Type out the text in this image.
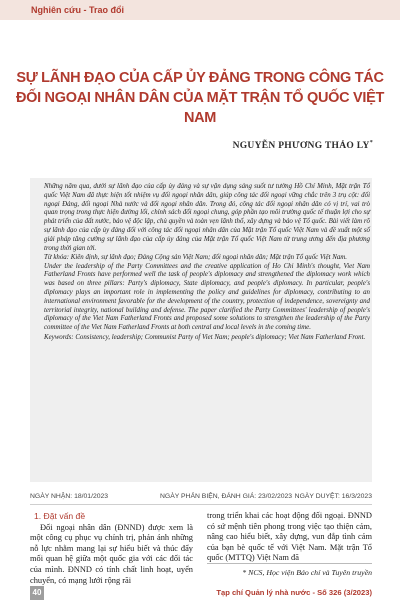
Nghiên cứu - Trao đổi
SỰ LÃNH ĐẠO CỦA CẤP ỦY ĐẢNG TRONG CÔNG TÁC
ĐỐI NGOẠI NHÂN DÂN CỦA MẶT TRẬN TỔ QUỐC VIỆT NAM
NGUYỄN PHƯƠNG THẢO LY*

Những năm qua, dưới sự lãnh đạo của cấp ủy đảng và sự vận dụng sáng suốt tư tưởng Hồ Chí Minh, Mặt trận Tổ quốc Việt Nam đã thực hiện tốt nhiệm vụ đối ngoại nhân dân, giúp công tác đối ngoại vững chắc trên 3 trụ cột: đối ngoại Đảng, đối ngoại Nhà nước và đối ngoại nhân dân. Trong đó, công tác đối ngoại nhân dân có vị trí, vai trò quan trọng trong thực hiện đường lối, chính sách đối ngoại chung, góp phần tạo môi trường quốc tế thuận lợi cho sự phát triển của đất nước, bảo vệ độc lập, chủ quyền và toàn vẹn lãnh thổ, xây dựng và bảo vệ Tổ quốc. Bài viết làm rõ sự lãnh đạo của cấp ủy đảng đối với công tác đối ngoại nhân dân của Mặt trận Tổ quốc Việt Nam và đề xuất một số giải pháp tăng cường sự lãnh đạo của cấp ủy đảng của Mặt trận Tổ quốc Việt Nam từ trung ương đến địa phương trong thời gian tới.

Từ khóa: Kiên định, sự lãnh đạo; Đảng Cộng sản Việt Nam; đối ngoại nhân dân; Mặt trận Tổ quốc Việt Nam.

Under the leadership of the Party Committees and the creative application of Ho Chi Minh's thought, Viet Nam Fatherland Fronts have performed well the task of people's diplomacy and strengthened the diplomacy work which was based on three pillars: Party's diplomacy, State diplomacy, and people's diplomacy. In particular, people's diplomacy plays an important role in implementing the policy and guidelines for diplomacy, contributing to an international environment favorable for the development of the country, protection of independence, sovereignty and territorial integrity, national building and defense. The paper clarified the Party Committees' leadership of people's diplomacy of the Viet Nam Fatherland Fronts and proposed some solutions to strengthen the leadership of the Party committee of the Viet Nam Fatherland Fronts at both central and local levels in the coming time.

Keywords: Consistency, leadership; Communist Party of Viet Nam; people's diplomacy; Viet Nam Fatherland Front.

NGÀY NHẬN: 18/01/2023	NGÀY PHẢN BIỆN, ĐÁNH GIÁ: 23/02/2023 NGÀY DUYỆT: 16/3/2023
1. Đặt vấn đề

Đối ngoại nhân dân (ĐNND) được xem là một công cụ phục vụ chính trị, phản ánh những nỗ lực nhằm mang lại sự hiểu biết và thúc đẩy mối quan hệ giữa một quốc gia với các đối tác của mình. ĐNND có tính chất linh hoạt, uyển chuyển, có mạng lưới rộng rãi

trong triển khai các hoạt động đối ngoại. ĐNND có sứ mệnh tiên phong trong việc tạo thiện cảm, nâng cao hiểu biết, xây dựng, vun đắp tình cảm của bạn bè quốc tế với Việt Nam. Mặt trận Tổ quốc (MTTQ) Việt Nam đã

* NCS, Học viện Báo chí và Tuyên truyền
40	Tạp chí Quản lý nhà nước - Số 326 (3/2023)
